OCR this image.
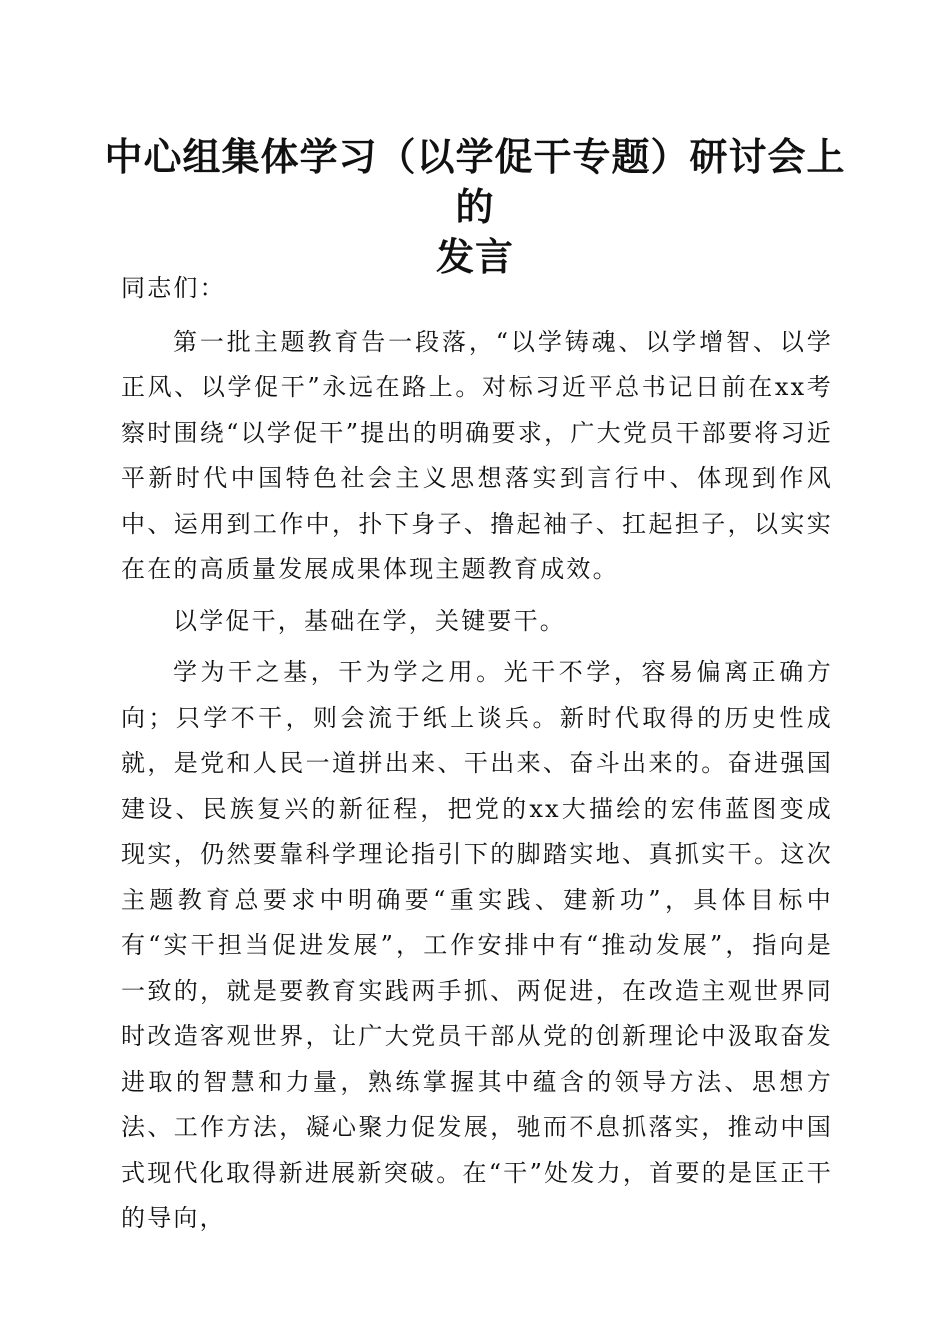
中心组集体学习（以学促干专题）研讨会上的
发言

同志们：

第一批主题教育告一段落，“以学铸魂、以学增智、以学正风、以学促干”永远在路上。对标习近平总书记日前在xx考察时围绕“以学促干”提出的明确要求，广大党员干部要将习近平新时代中国特色社会主义思想落实到言行中、体现到作风中、运用到工作中，扑下身子、撸起袖子、扛起担子，以实实在在的高质量发展成果体现主题教育成效。

以学促干，基础在学，关键要干。

学为干之基，干为学之用。光干不学，容易偏离正确方向；只学不干，则会流于纸上谈兵。新时代取得的历史性成就，是党和人民一道拼出来、干出来、奋斗出来的。奋进强国建设、民族复兴的新征程，把党的xx大描绘的宏伟蓝图变成现实，仍然要靠科学理论指引下的脚踏实地、真抓实干。这次主题教育总要求中明确要“重实践、建新功”，具体目标中有“实干担当促进发展”，工作安排中有“推动发展”，指向是一致的，就是要教育实践两手抓、两促进，在改造主观世界同时改造客观世界，让广大党员干部从党的创新理论中汲取奋发进取的智慧和力量，熟练掌握其中蕴含的领导方法、思想方法、工作方法，凝心聚力促发展，驰而不息抓落实，推动中国式现代化取得新进展新突破。在“干”处发力，首要的是匡正干的导向，
